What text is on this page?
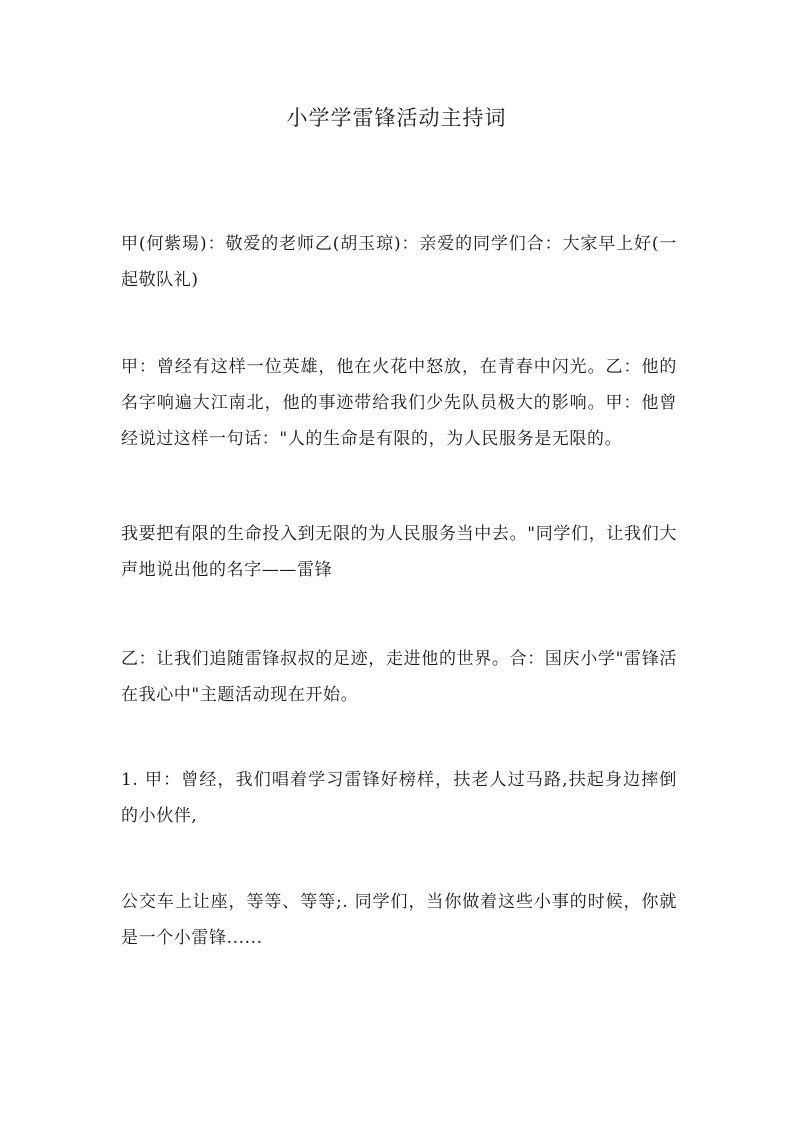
小学学雷锋活动主持词

甲(何紫瑒)：敬爱的老师乙(胡玉琼)：亲爱的同学们合：大家早上好(一起敬队礼)

甲：曾经有这样一位英雄，他在火花中怒放，在青春中闪光。乙：他的名字响遍大江南北，他的事迹带给我们少先队员极大的影响。甲：他曾经说过这样一句话："人的生命是有限的，为人民服务是无限的。

我要把有限的生命投入到无限的为人民服务当中去。"同学们，让我们大声地说出他的名字——雷锋

乙：让我们追随雷锋叔叔的足迹，走进他的世界。合：国庆小学"雷锋活在我心中"主题活动现在开始。

1. 甲：曾经，我们唱着学习雷锋好榜样，扶老人过马路,扶起身边摔倒的小伙伴,

公交车上让座，等等、等等;. 同学们，当你做着这些小事的时候，你就是一个小雷锋......
